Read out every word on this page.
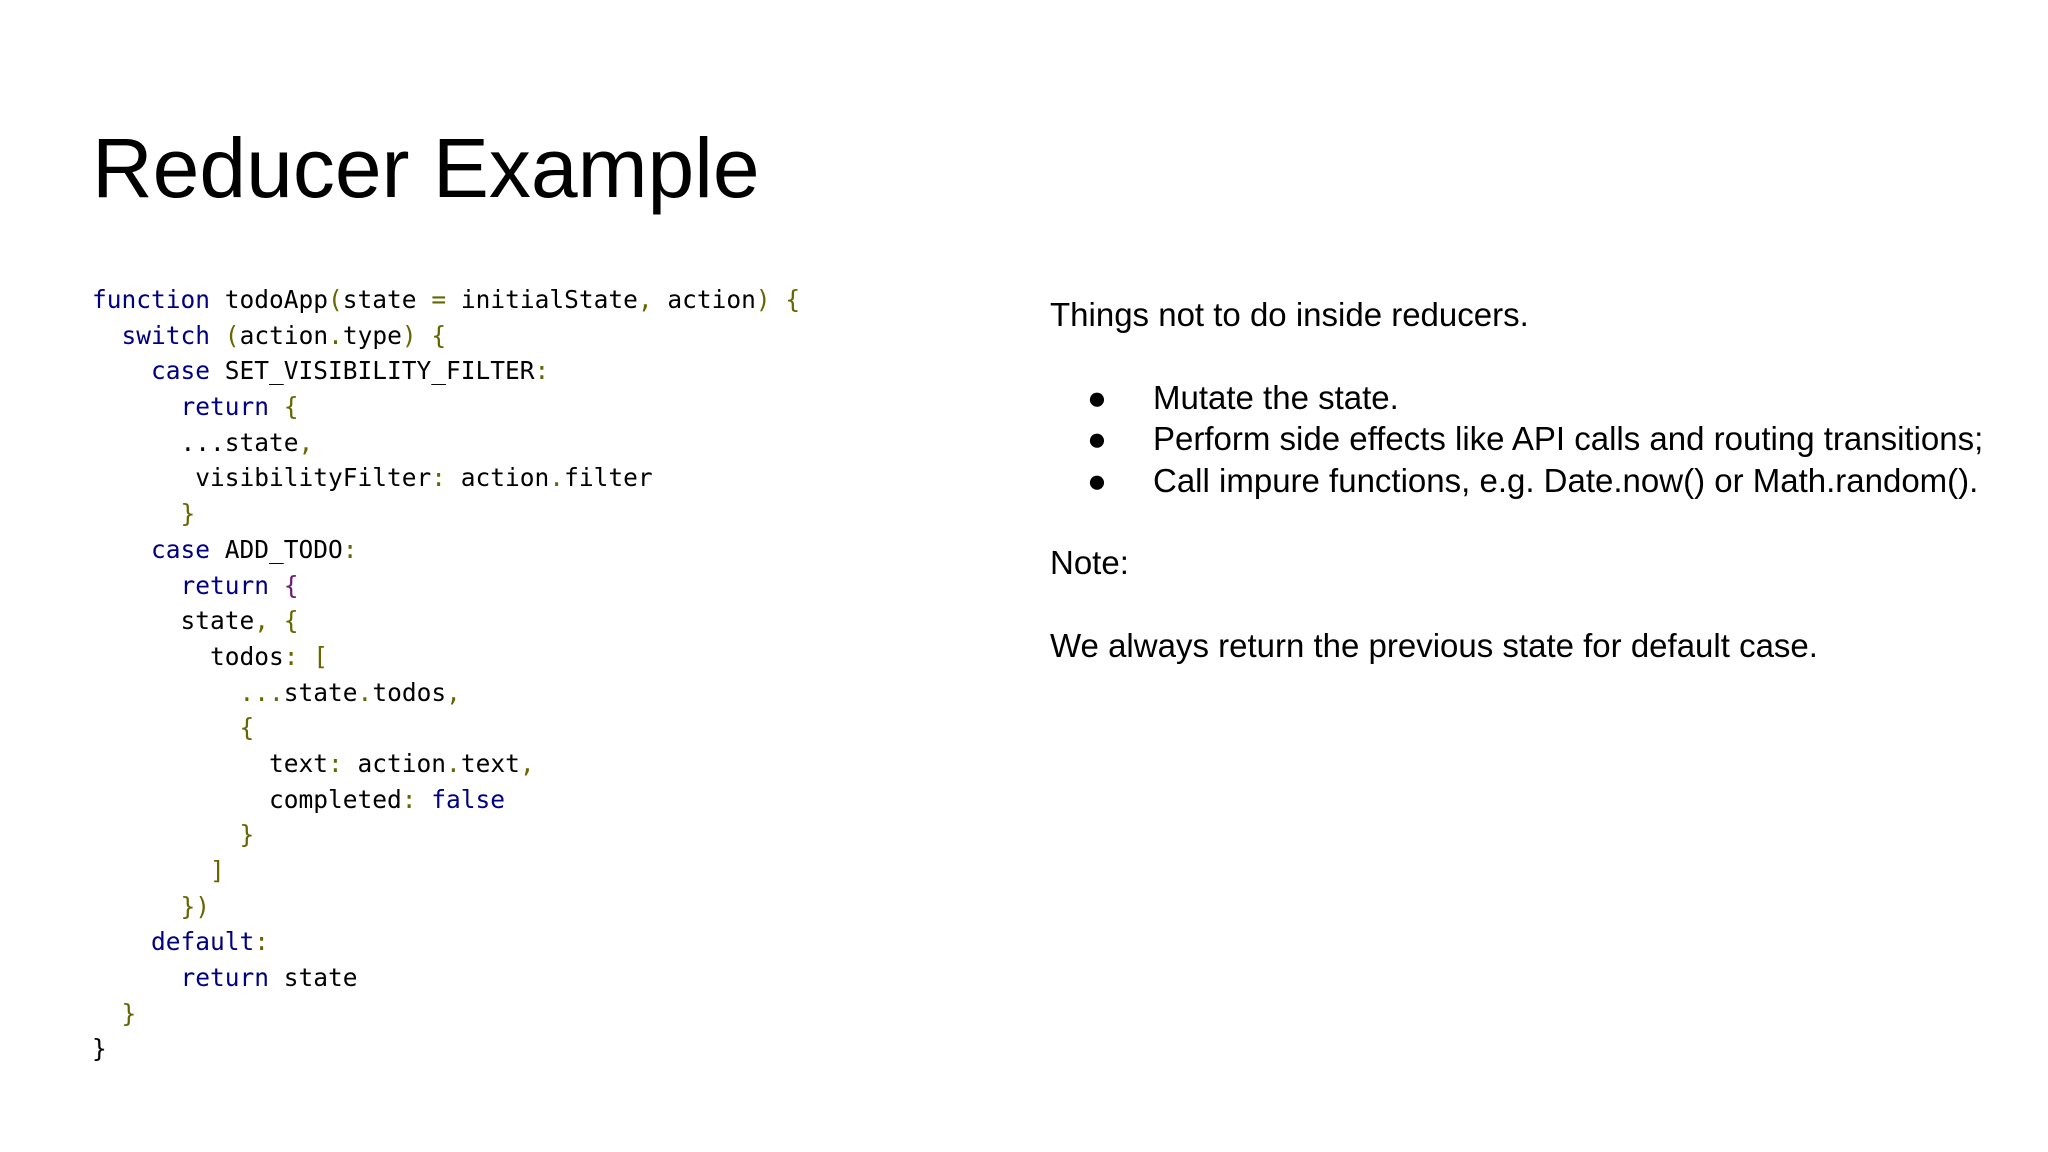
Reducer Example
function todoApp(state = initialState, action) {
switch (action.type) {
case SET_VISIBILITY_FILTER:
return {
...state,
visibilityFilter: action.filter
}
case ADD_TODO:
return {
state, {
todos: [
...state.todos,
{
text: action.text,
completed: false
}
]
})
default:
return state
}
}

Things not to do inside reducers.

● Mutate the state.
● Perform side effects like API calls and routing transitions;
● Call impure functions, e.g. Date.now() or Math.random().

Note:

We always return the previous state for default case.
